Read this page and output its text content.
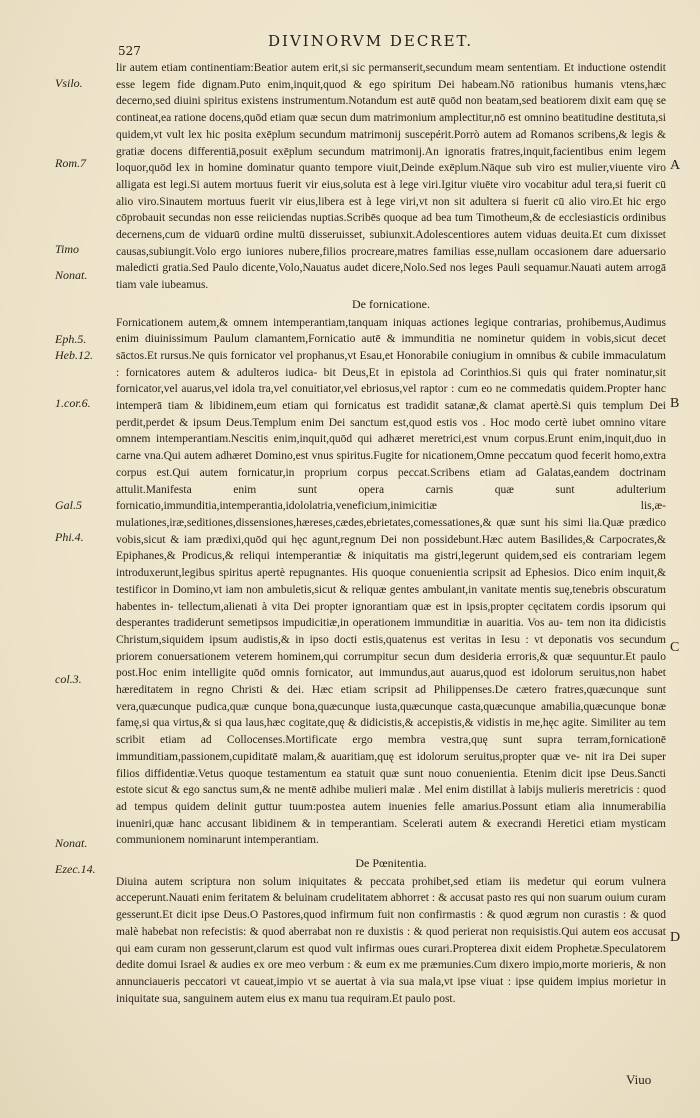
527
DIVINORVM DECRET.
Vsilo.
Rom.7
Timo
Nonat.
Eph.5.
Heb.12.
1.cor.6.
Gal.5
Phi.4.
col.3.
Nonat.
Ezec.14.
A
B
C
D

lir autem etiam continentiam:Beatior autem erit,si sic permanserit,secundum meam sententiam. Et inductione ostendit esse legem fide dignam.Puto enim,inquit,quod & ego spiritum Dei habeam.Nō rationibus humanis vtens,hæc decerno,sed diuini spiritus existens instrumentum.Notandum est autē quōd non beatam,sed beatiorem dixit eam quę se contineat,ea ratione docens,quōd etiam quæ secun dum matrimonium amplectitur,nō est omnino beatitudine destituta,si quidem,vt vult lex hic posita exēplum secundum matrimonij suscepérit.Porrò autem ad Romanos scribens,& legis & gratiæ docens differentiā,posuit exēplum secundum matrimonij.An ignoratis fratres,inquit,facientibus enim legem loquor,quōd lex in homine dominatur quanto tempore viuit,Deinde exēplum.Nāque sub viro est mulier,viuente viro alligata est legi.Si autem mortuus fuerit vir eius,soluta est à lege viri.Igitur viuēte viro vocabitur adul tera,si fuerit cū alio viro.Sinautem mortuus fuerit vir eius,libera est à lege viri,vt non sit adultera si fuerit cū alio viro.Et hic ergo cōprobauit secundas non esse reiiciendas nuptias.Scribēs quoque ad bea tum Timotheum,& de ecclesiasticis ordinibus decernens,cum de viduarū ordine multū disseruisset, subiunxit.Adolescentiores autem viduas deuita.Et cum dixisset causas,subiungit.Volo ergo iuniores nubere,filios procreare,matres familias esse,nullam occasionem dare aduersario maledicti gratia.Sed Paulo dicente,Volo,Nauatus audet dicere,Nolo.Sed nos leges Pauli sequamur.Nauati autem arrogā tiam vale iubeamus.

De fornicatione.

Fornicationem autem,& omnem intemperantiam,tanquam iniquas actiones legique contrarias, prohibemus,Audimus enim diuinissimum Paulum clamantem,Fornicatio autē & immunditia ne nominetur quidem in vobis,sicut decet sāctos.Et rursus.Ne quis fornicator vel prophanus,vt Esau,et Honorabile coniugium in omnibus & cubile immaculatum : fornicatores autem & adulteros iudica- bit Deus,Et in epistola ad Corinthios.Si quis qui frater nominatur,sit fornicator,vel auarus,vel idola tra,vel conuitiator,vel ebriosus,vel raptor : cum eo ne commedatis quidem.Propter hanc intemperā tiam & libidinem,eum etiam qui fornicatus est tradidit satanæ,& clamat apertè.Si quis templum Dei perdit,perdet & ipsum Deus.Templum enim Dei sanctum est,quod estis vos . Hoc modo certè iubet omnino vitare omnem intemperantiam.Nescitis enim,inquit,quōd qui adhæret meretrici,est vnum corpus.Erunt enim,inquit,duo in carne vna.Qui autem adhæret Domino,est vnus spiritus.Fugite for nicationem,Omne peccatum quod fecerit homo,extra corpus est.Qui autem fornicatur,in proprium corpus peccat.Scribens etiam ad Galatas,eandem doctrinam attulit.Manifesta enim sunt opera carnis quæ sunt adulterium fornicatio,immunditia,intemperantia,idololatria,veneficium,inimicitiæ lis,æ- mulationes,iræ,seditiones,dissensiones,hæreses,cædes,ebrietates,comessationes,& quæ sunt his simi lia.Quæ prædico vobis,sicut & iam prædixi,quōd qui hęc agunt,regnum Dei non possidebunt.Hæc autem Basilides,& Carpocrates,& Epiphanes,& Prodicus,& reliqui intemperantiæ & iniquitatis ma gistri,legerunt quidem,sed eis contrariam legem introduxerunt,legibus spiritus apertè repugnantes. His quoque conuenientia scripsit ad Ephesios. Dico enim inquit,& testificor in Domino,vt iam non ambuletis,sicut & reliquæ gentes ambulant,in vanitate mentis suę,tenebris obscuratum habentes in- tellectum,alienati à vita Dei propter ignorantiam quæ est in ipsis,propter cęcitatem cordis ipsorum qui desperantes tradiderunt semetipsos impudicitiæ,in operationem immunditiæ in auaritia. Vos au- tem non ita didicistis Christum,siquidem ipsum audistis,& in ipso docti estis,quatenus est veritas in Iesu : vt deponatis vos secundum priorem conuersationem veterem hominem,qui corrumpitur secun dum desideria erroris,& quæ sequuntur.Et paulo post.Hoc enim intelligite quōd omnis fornicator, aut immundus,aut auarus,quod est idolorum seruitus,non habet hæreditatem in regno Christi & dei. Hæc etiam scripsit ad Philippenses.De cætero fratres,quæcunque sunt vera,quæcunque pudica,quæ cunque bona,quæcunque iusta,quæcunque casta,quæcunque amabilia,quæcunque bonæ famę,si qua virtus,& si qua laus,hæc cogitate,quę & didicistis,& accepistis,& vidistis in me,hęc agite. Similiter au tem scribit etiam ad Collocenses.Mortificate ergo membra vestra,quę sunt supra terram,fornicationē immunditiam,passionem,cupiditatē malam,& auaritiam,quę est idolorum seruitus,propter quæ ve- nit ira Dei super filios diffidentiæ.Vetus quoque testamentum ea statuit quæ sunt nouo conuenientia. Etenim dicit ipse Deus.Sancti estote sicut & ego sanctus sum,& ne mentē adhibe mulieri malæ . Mel enim distillat à labijs mulieris meretricis : quod ad tempus quidem delinit guttur tuum:postea autem inuenies felle amarius.Possunt etiam alia innumerabilia inueniri,quæ hanc accusant libidinem & in temperantiam. Scelerati autem & execrandi Heretici etiam mysticam communionem nominarunt intemperantiam.

De Pœnitentia.

Diuina autem scriptura non solum iniquitates & peccata prohibet,sed etiam iis medetur qui eorum vulnera acceperunt.Nauati enim feritatem & beluinam crudelitatem abhorret : & accusat pasto res qui non suarum ouium curam gesserunt.Et dicit ipse Deus.O Pastores,quod infirmum fuit non confirmastis : & quod ægrum non curastis : & quod malè habebat non refecistis: & quod aberrabat non re duxistis : & quod perierat non requisistis.Qui autem eos accusat qui eam curam non gesserunt,clarum est quod vult infirmas oues curari.Propterea dixit eidem Prophetæ.Speculatorem dedite domui Israel & audies ex ore meo verbum : & eum ex me præmunies.Cum dixero impio,morte morieris, & non annunciaueris peccatori vt caueat,impio vt se auertat à via sua mala,vt ipse viuat : ipse quidem impius morietur in iniquitate sua, sanguinem autem eius ex manu tua requiram.Et paulo post.

Viuo
